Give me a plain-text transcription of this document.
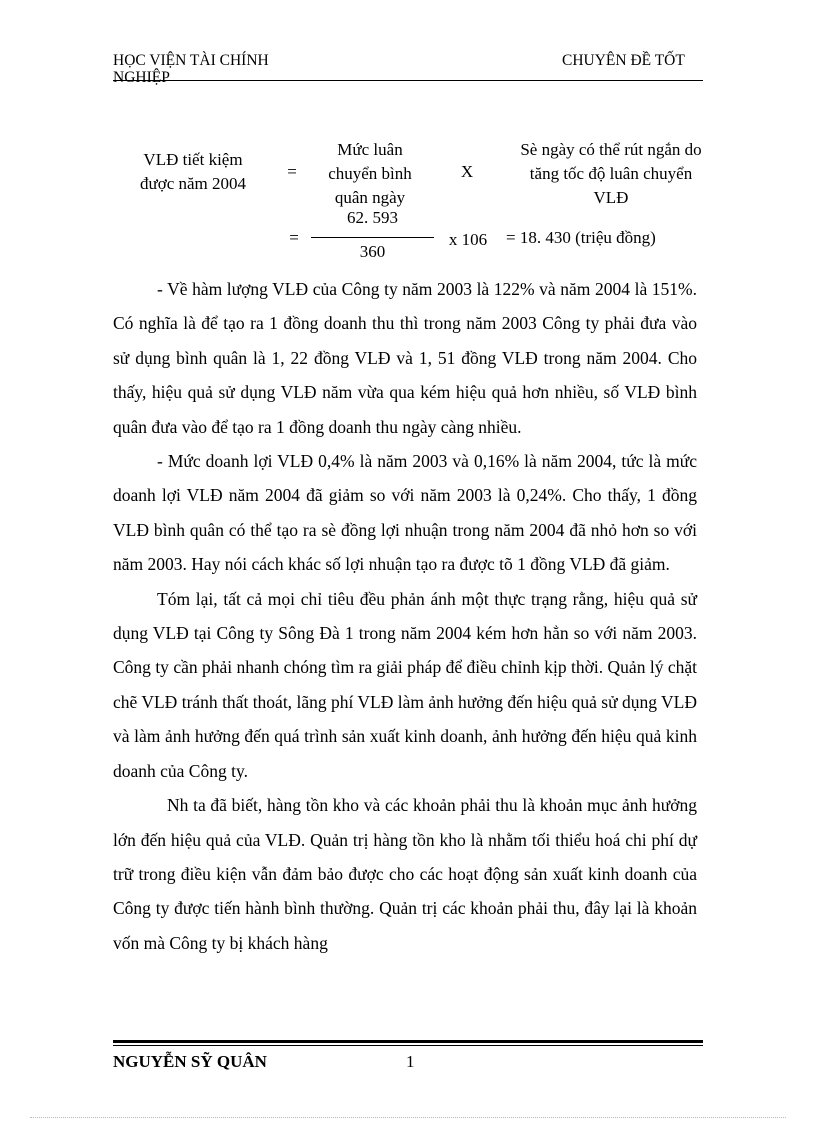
HỌC VIỆN TÀI CHÍNH NGHIỆP
CHUYÊN ĐỀ TỐT
VLĐ tiết kiệm được năm 2004
=
Mức luân chuyển bình quân ngày
X
Sè ngày có thể rút ngắn do tăng tốc độ luân chuyển VLĐ
=
62. 593
360
x 106	= 18. 430 (triệu đồng)

- Về hàm lượng VLĐ của Công ty năm 2003 là 122% và năm 2004 là 151%. Có nghĩa là để tạo ra 1 đồng doanh thu thì trong năm 2003 Công ty phải đưa vào sử dụng bình quân là 1, 22 đồng VLĐ và 1, 51 đồng VLĐ trong năm 2004. Cho thấy, hiệu quả sử dụng VLĐ năm vừa qua kém hiệu quả hơn nhiều, số VLĐ bình quân đưa vào để tạo ra 1 đồng doanh thu ngày càng nhiều.

- Mức doanh lợi VLĐ 0,4% là năm 2003 và 0,16% là năm 2004, tức là mức doanh lợi VLĐ năm 2004 đã giảm so với năm 2003 là 0,24%. Cho thấy, 1 đồng VLĐ bình quân có thể tạo ra sè đồng lợi nhuận trong năm 2004 đã nhỏ hơn so với năm 2003. Hay nói cách khác số lợi nhuận tạo ra được tõ 1 đồng VLĐ đã giảm.

Tóm lại, tất cả mọi chỉ tiêu đều phản ánh một thực trạng rằng, hiệu quả sử dụng VLĐ tại Công ty Sông Đà 1 trong năm 2004 kém hơn hẳn so với năm 2003. Công ty cần phải nhanh chóng tìm ra giải pháp để điều chỉnh kịp thời. Quản lý chặt chẽ VLĐ tránh thất thoát, lãng phí VLĐ làm ảnh hưởng đến hiệu quả sử dụng VLĐ và làm ảnh hưởng đến quá trình sản xuất kinh doanh, ảnh hưởng đến hiệu quả kinh doanh của Công ty.

Nh ta đã biết, hàng tồn kho và các khoản phải thu là khoản mục ảnh hưởng lớn đến hiệu quả của VLĐ. Quản trị hàng tồn kho là nhằm tối thiểu hoá chi phí dự trữ trong điều kiện vẫn đảm bảo được cho các hoạt động sản xuất kinh doanh của Công ty được tiến hành bình thường. Quản trị các khoản phải thu, đây lại là khoản vốn mà Công ty bị khách hàng

NGUYỄN SỸ QUÂN	1
